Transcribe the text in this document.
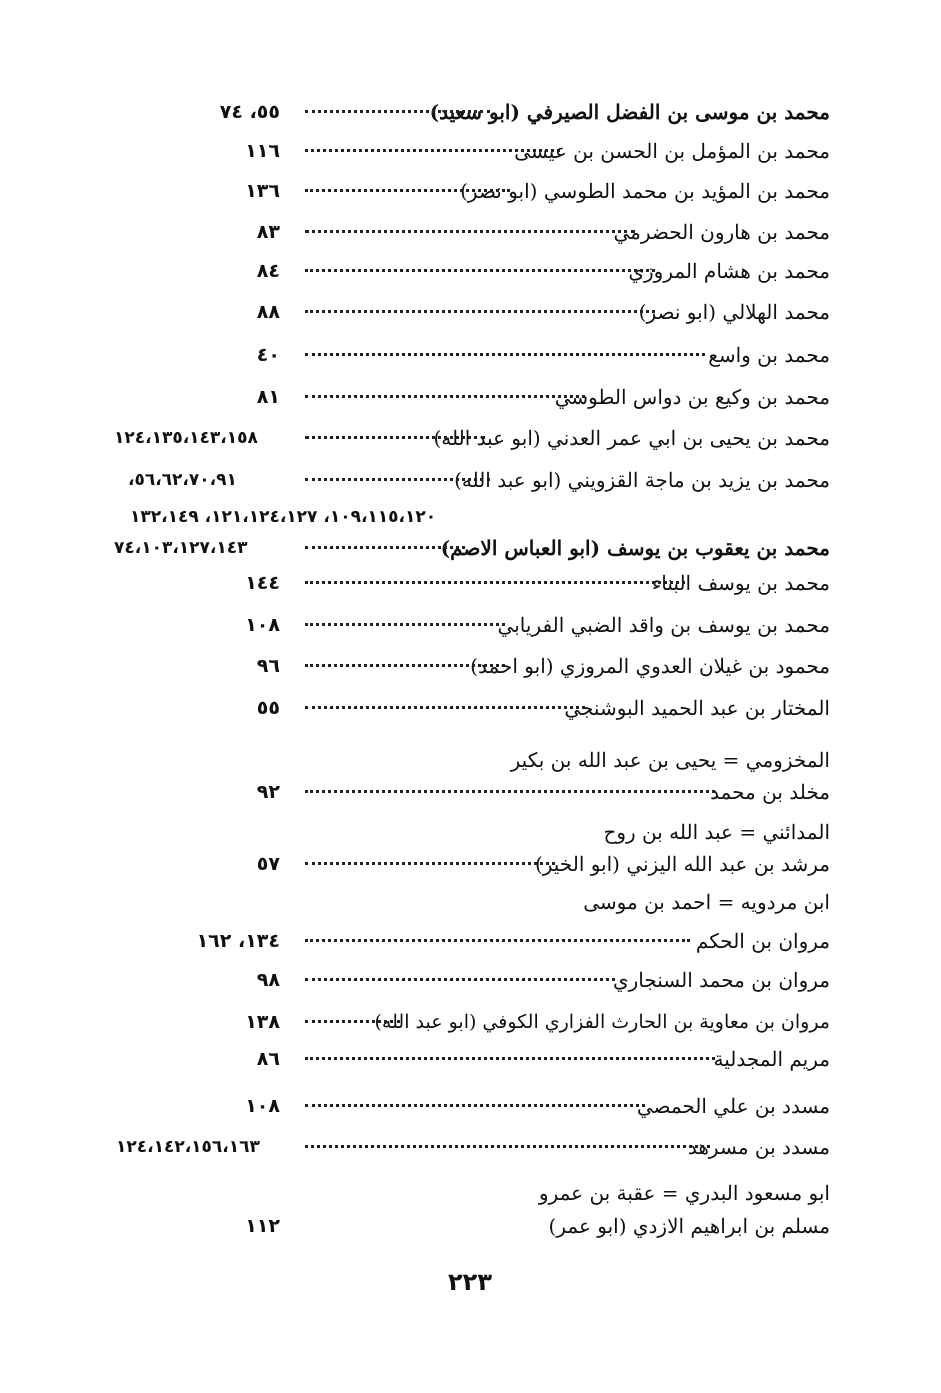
محمد بن موسى بن الفضل الصيرفي (ابو سعيد)
٥٥، ٧٤
محمد بن المؤمل بن الحسن بن عيسى
١١٦
محمد بن المؤيد بن محمد الطوسي (ابو نصر)
١٣٦
محمد بن هارون الحضرمي
٨٣
محمد بن هشام المروزي
٨٤
محمد الهلالي (ابو نصر)
٨٨
محمد بن واسع
٤٠
محمد بن وكيع بن دواس الطوسي
٨١
محمد بن يحيى بن ابي عمر العدني (ابو عبد الله)
١٢٤،١٣٥،١٤٣،١٥٨
محمد بن يزيد بن ماجة القزويني (ابو عبد الله)
٥٦،٦٢،٧٠،٩١،
١٠٩،١١٥،١٢٠، ١٢١،١٢٤،١٢٧، ١٣٢،١٤٩
محمد بن يعقوب بن يوسف (ابو العباس الاصم)
٧٤،١٠٣،١٢٧،١٤٣
محمد بن يوسف البناء
١٤٤
محمد بن يوسف بن واقد الضبي الفريابي
١٠٨
محمود بن غيلان العدوي المروزي (ابو احمد)
٩٦
المختار بن عبد الحميد البوشنجي
٥٥
المخزومي = يحيى بن عبد الله بن بكير
مخلد بن محمد
٩٢
المدائني = عبد الله بن روح
مرشد بن عبد الله اليزني (ابو الخير)
٥٧
ابن مردويه = احمد بن موسى
مروان بن الحكم
١٣٤، ١٦٢
مروان بن محمد السنجاري
٩٨
مروان بن معاوية بن الحارث الفزاري الكوفي (ابو عبد الله)
١٣٨
مريم المجدلية
٨٦
مسدد بن علي الحمصي
١٠٨
مسدد بن مسرهد
١٢٤،١٤٢،١٥٦،١٦٣
ابو مسعود البدري = عقبة بن عمرو
مسلم بن ابراهيم الازدي (ابو عمر)
١١٢
٢٢٣
